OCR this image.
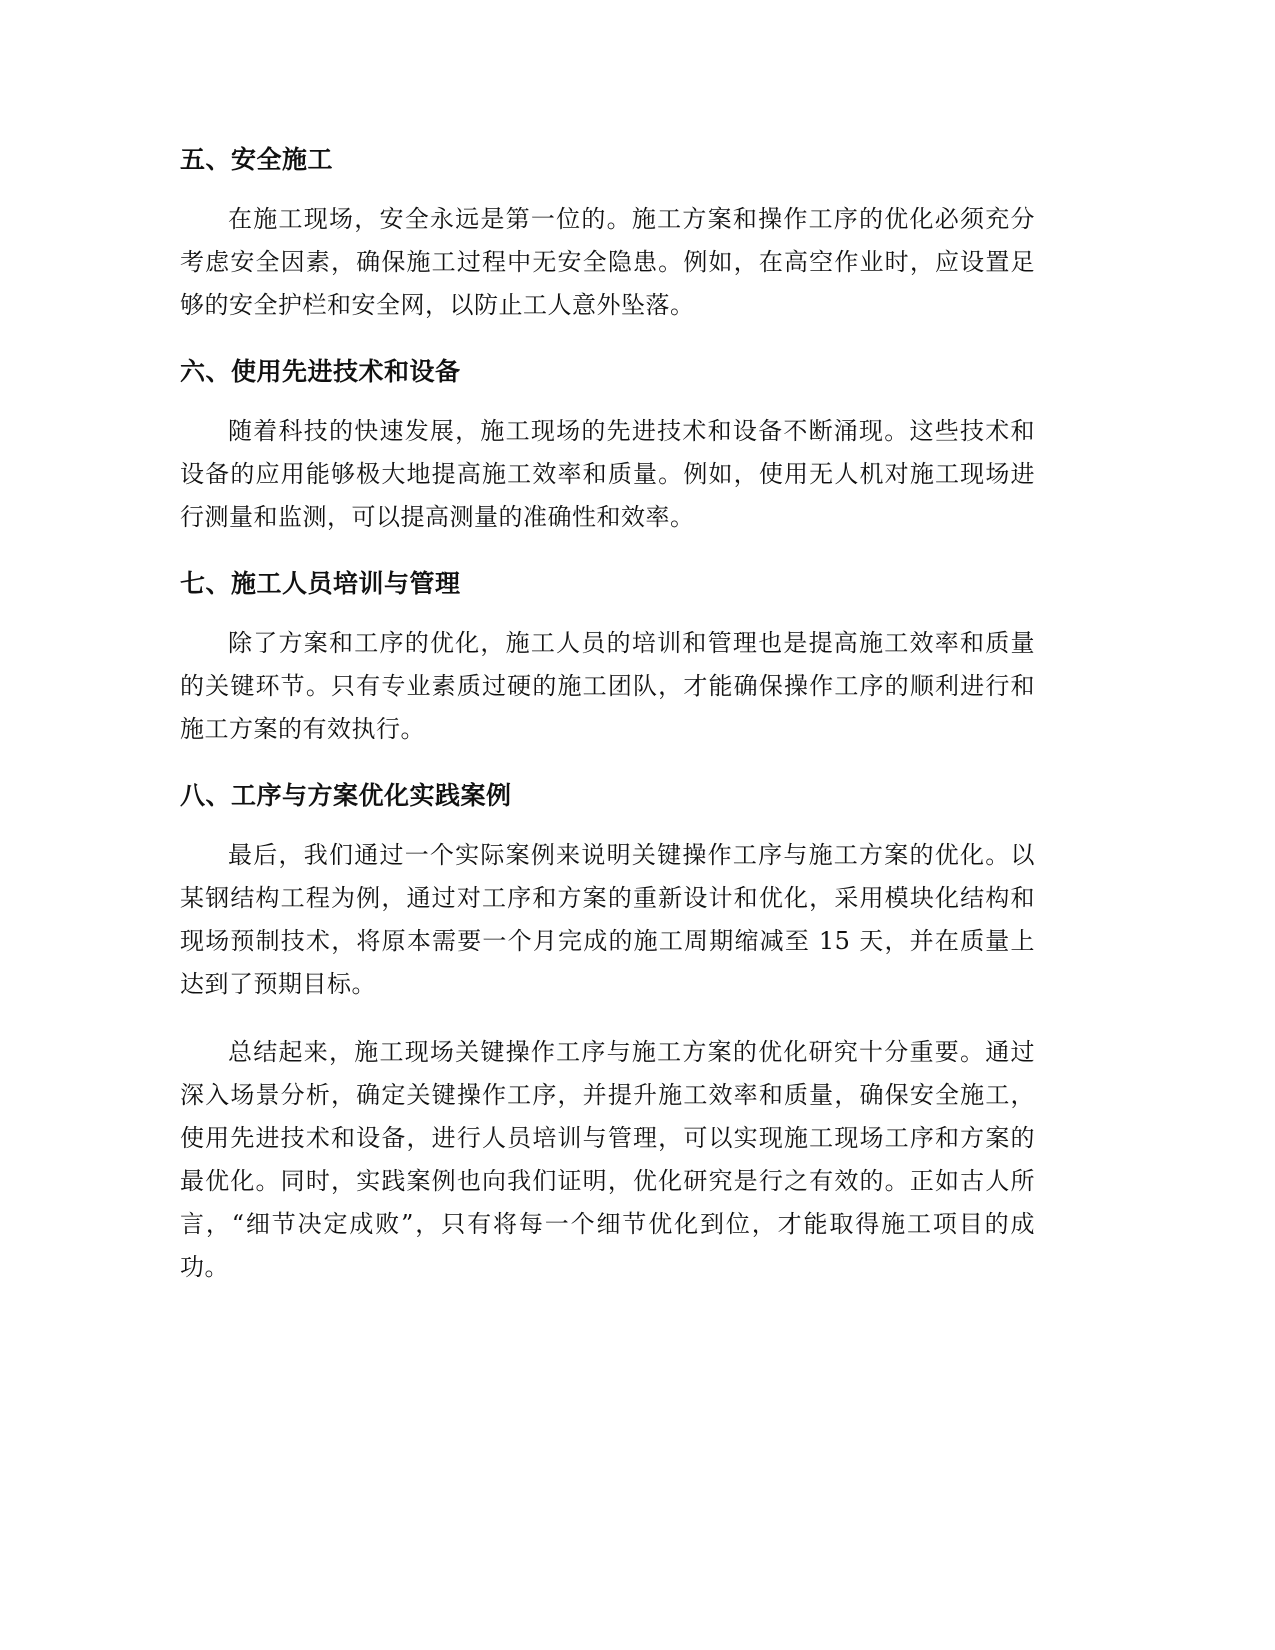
五、安全施工

在施工现场，安全永远是第一位的。施工方案和操作工序的优化必须充分考虑安全因素，确保施工过程中无安全隐患。例如，在高空作业时，应设置足够的安全护栏和安全网，以防止工人意外坠落。

六、使用先进技术和设备

随着科技的快速发展，施工现场的先进技术和设备不断涌现。这些技术和设备的应用能够极大地提高施工效率和质量。例如，使用无人机对施工现场进行测量和监测，可以提高测量的准确性和效率。

七、施工人员培训与管理

除了方案和工序的优化，施工人员的培训和管理也是提高施工效率和质量的关键环节。只有专业素质过硬的施工团队，才能确保操作工序的顺利进行和施工方案的有效执行。

八、工序与方案优化实践案例

最后，我们通过一个实际案例来说明关键操作工序与施工方案的优化。以某钢结构工程为例，通过对工序和方案的重新设计和优化，采用模块化结构和现场预制技术，将原本需要一个月完成的施工周期缩减至 15 天，并在质量上达到了预期目标。

总结起来，施工现场关键操作工序与施工方案的优化研究十分重要。通过深入场景分析，确定关键操作工序，并提升施工效率和质量，确保安全施工，使用先进技术和设备，进行人员培训与管理，可以实现施工现场工序和方案的最优化。同时，实践案例也向我们证明，优化研究是行之有效的。正如古人所言，“细节决定成败”，只有将每一个细节优化到位，才能取得施工项目的成功。
